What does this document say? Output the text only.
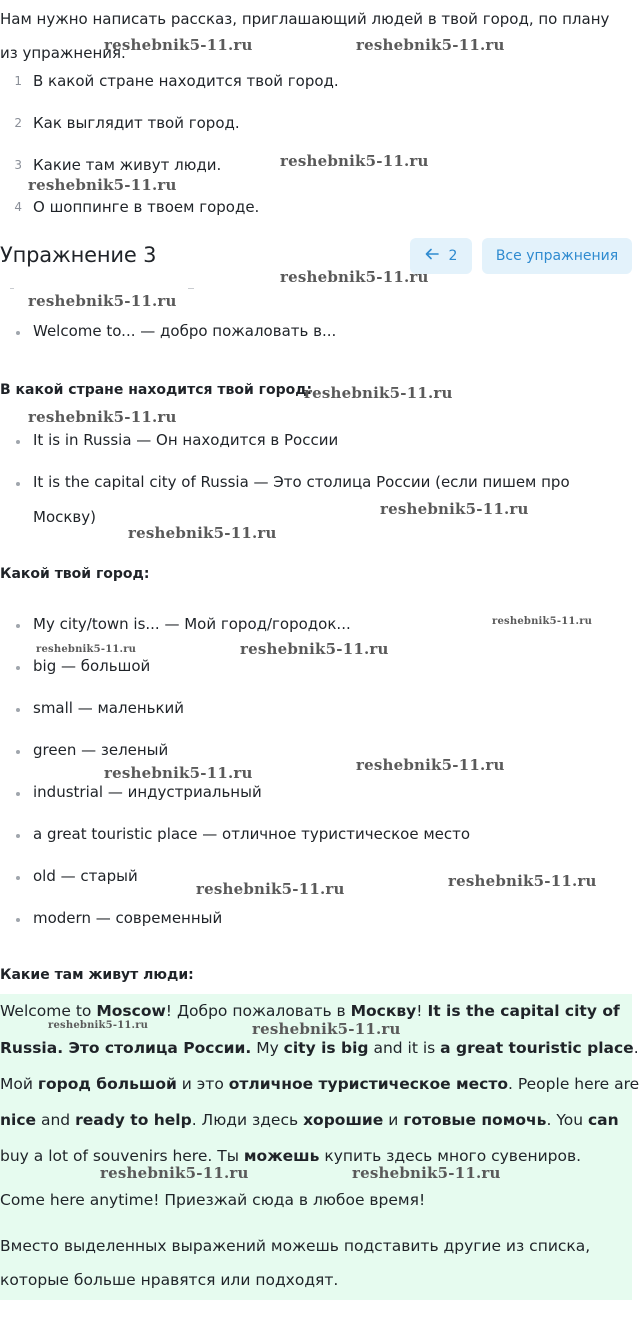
Нам нужно написать рассказ, приглашающий людей в твой город, по плану из упражнения.
1 В какой стране находится твой город.
2 Как выглядит твой город.
3 Какие там живут люди.
4 О шоппинге в твоем городе.
Упражнение 3	2	Все упражнения
Welcome to... — добро пожаловать в...
В какой стране находится твой город:
It is in Russia — Он находится в России
It is the capital city of Russia — Это столица России (если пишем про
Москву)
Какой твой город:
My city/town is... — Мой город/городок...
big — большой
small — маленький
green — зеленый
industrial — индустриальный
a great touristic place — отличное туристическое место
old — старый
modern — современный
Какие там живут люди:
Welcome to Moscow! Добро пожаловать в Москву! It is the capital city of
Russia. Это столица России. My city is big and it is a great touristic place.
Мой город большой и это отличное туристическое место. People here are
nice and ready to help. Люди здесь хорошие и готовые помочь. You can
buy a lot of souvenirs here. Ты можешь купить здесь много сувениров.
Come here anytime! Приезжай сюда в любое время!
Вместо выделенных выражений можешь подставить другие из списка,
которые больше нравятся или подходят.
reshebnik5-11.ru	reshebnik5-11.ru
reshebnik5-11.ru
reshebnik5-11.ru
reshebnik5-11.ru
reshebnik5-11.ru
reshebnik5-11.ru
reshebnik5-11.ru
reshebnik5-11.ru
reshebnik5-11.ru
reshebnik5-11.ru
reshebnik5-11.ru	reshebnik5-11.ru
reshebnik5-11.ru	reshebnik5-11.ru
reshebnik5-11.ru	reshebnik5-11.ru
reshebnik5-11.ru	reshebnik5-11.ru
reshebnik5-11.ru	reshebnik5-11.ru
